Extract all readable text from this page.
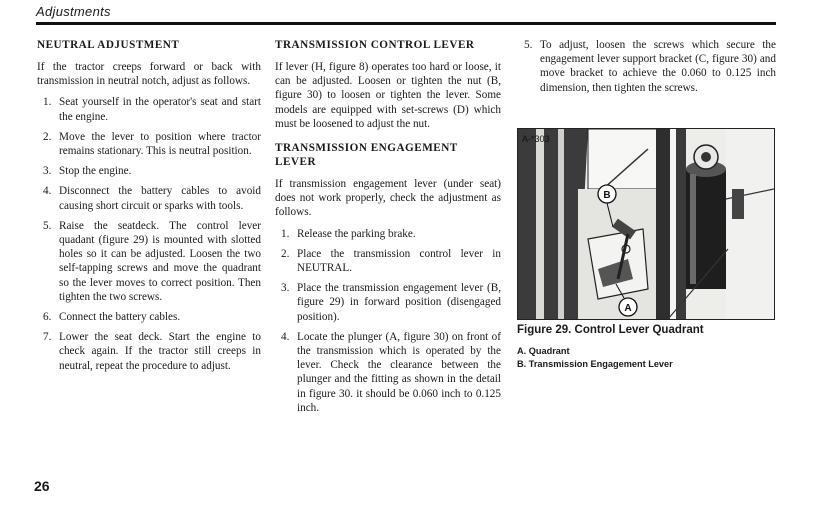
Adjustments
NEUTRAL ADJUSTMENT

If the tractor creeps forward or back with transmission in neutral notch, adjust as follows.

1. Seat yourself in the operator's seat and start the engine.
2. Move the lever to position where tractor remains stationary. This is neutral position.
3. Stop the engine.
4. Disconnect the battery cables to avoid causing short circuit or sparks with tools.
5. Raise the seatdeck. The control lever quadant (figure 29) is mounted with slotted holes so it can be adjusted. Loosen the two self-tapping screws and move the quadrant so the lever moves to correct position. Then tighten the two screws.
6. Connect the battery cables.
7. Lower the seat deck. Start the engine to check again. If the tractor still creeps in neutral, repeat the procedure to adjust.
TRANSMISSION CONTROL LEVER

If lever (H, figure 8) operates too hard or loose, it can be adjusted. Loosen or tighten the nut (B, figure 30) to loosen or tighten the lever. Some models are equipped with set-screws (D) which must be loosened to adjust the nut.

TRANSMISSION ENGAGEMENT LEVER

If transmission engagement lever (under seat) does not work properly, check the adjustment as follows.

1. Release the parking brake.
2. Place the transmission control lever in NEUTRAL.
3. Place the transmission engagement lever (B, figure 29) in forward position (disengaged position).
4. Locate the plunger (A, figure 30) on front of the transmission which is operated by the lever. Check the clearance between the plunger and the fitting as shown in the detail in figure 30. it should be 0.060 inch to 0.125 inch.
5. To adjust, loosen the screws which secure the engagement lever support bracket (C, figure 30) and move bracket to achieve the 0.060 to 0.125 inch dimension, then tighten the screws.
A-*303
B
A
Figure 29. Control Lever Quadrant
A. Quadrant
B. Transmission Engagement Lever
26
